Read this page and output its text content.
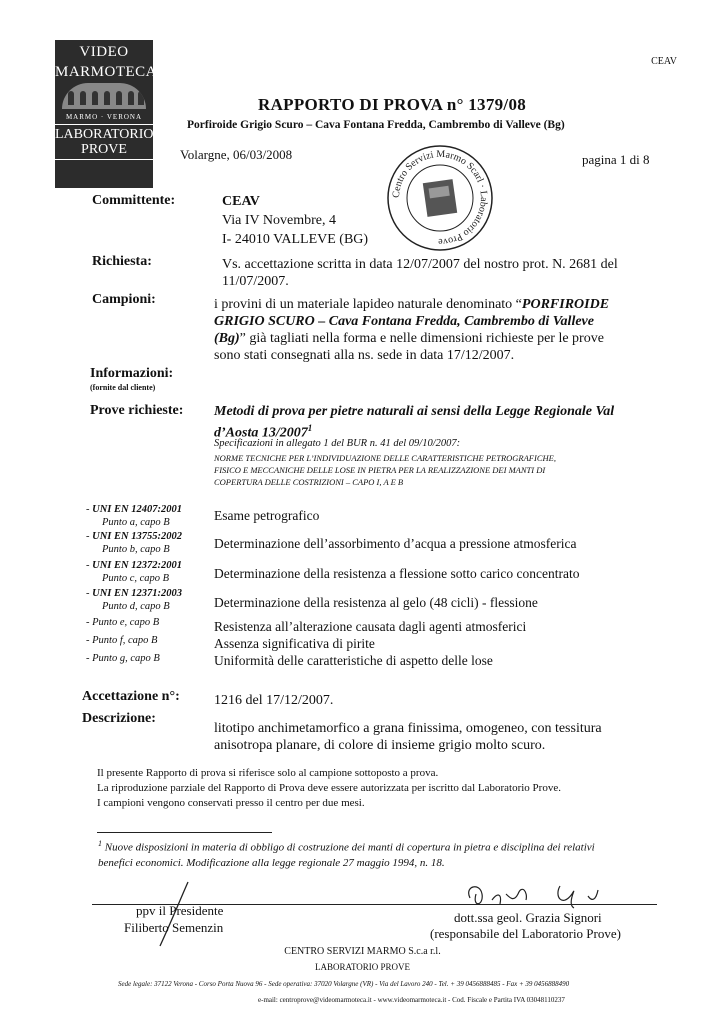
VIDEO
MARMOTECA
MARMO · VERONA
LABORATORIO
PROVE
CEAV
RAPPORTO DI PROVA n° 1379/08
Porfiroide Grigio Scuro – Cava Fontana Fredda, Cambrembo di Valleve (Bg)
Volargne, 06/03/2008	pagina 1 di 8
Centro Servizi Marmo Scarl · Laboratorio Prove
Committente:	CEAV
Via IV Novembre, 4
I- 24010 VALLEVE (BG)
Richiesta:	Vs. accettazione scritta in data 12/07/2007 del nostro prot. N. 2681 del
11/07/2007.
Campioni:	i provini di un materiale lapideo naturale denominato “PORFIROIDE
GRIGIO SCURO – Cava Fontana Fredda, Cambrembo di Valleve
(Bg)” già tagliati nella forma e nelle dimensioni richieste per le prove
sono stati consegnati alla ns. sede in data 17/12/2007.
Informazioni:
(fornite dal cliente)
Prove richieste: Metodi di prova per pietre naturali ai sensi della Legge Regionale Val
d’Aosta 13/2007$^1$
Specificazioni in allegato 1 del BUR n. 41 del 09/10/2007:
NORME TECNICHE PER L’INDIVIDUAZIONE DELLE CARATTERISTICHE PETROGRAFICHE,
FISICO E MECCANICHE DELLE LOSE IN PIETRA PER LA REALIZZAZIONE DEI MANTI DI
COPERTURA DELLE COSTRIZIONI – CAPO I, A E B
- UNI EN 12407:2001
Punto a, capo B	Esame petrografico
- UNI EN 13755:2002
Punto b, capo B	Determinazione dell’assorbimento d’acqua a pressione atmosferica
- UNI EN 12372:2001
Punto c, capo B	Determinazione della resistenza a flessione sotto carico concentrato
- UNI EN 12371:2003
Punto d, capo B	Determinazione della resistenza al gelo (48 cicli) - flessione
- Punto e, capo B	Resistenza all’alterazione causata dagli agenti atmosferici
- Punto f, capo B	Assenza significativa di pirite
- Punto g, capo B	Uniformità delle caratteristiche di aspetto delle lose
Accettazione n°: 1216 del 17/12/2007.
Descrizione:
litotipo anchimetamorfico a grana finissima, omogeneo, con tessitura
anisotropa planare, di colore di insieme grigio molto scuro.
Il presente Rapporto di prova si riferisce solo al campione sottoposto a prova.
La riproduzione parziale del Rapporto di Prova deve essere autorizzata per iscritto dal Laboratorio Prove.
I campioni vengono conservati presso il centro per due mesi.
$^1$ Nuove disposizioni in materia di obbligo di costruzione dei manti di copertura in pietra e disciplina dei relativi
benefici economici. Modificazione alla legge regionale 27 maggio 1994, n. 18.
ppv il Presidente
Filiberto Semenzin
dott.ssa geol. Grazia Signori
(responsabile del Laboratorio Prove)
CENTRO SERVIZI MARMO S.c.a r.l.
LABORATORIO PROVE
Sede legale: 37122 Verona - Corso Porta Nuova 96 - Sede operativa: 37020 Volargne (VR) - Via del Lavoro 240 - Tel. + 39 0456888485 - Fax + 39 0456888490
e-mail: centroprove@videomarmoteca.it - www.videomarmoteca.it - Cod. Fiscale e Partita IVA 03048110237
